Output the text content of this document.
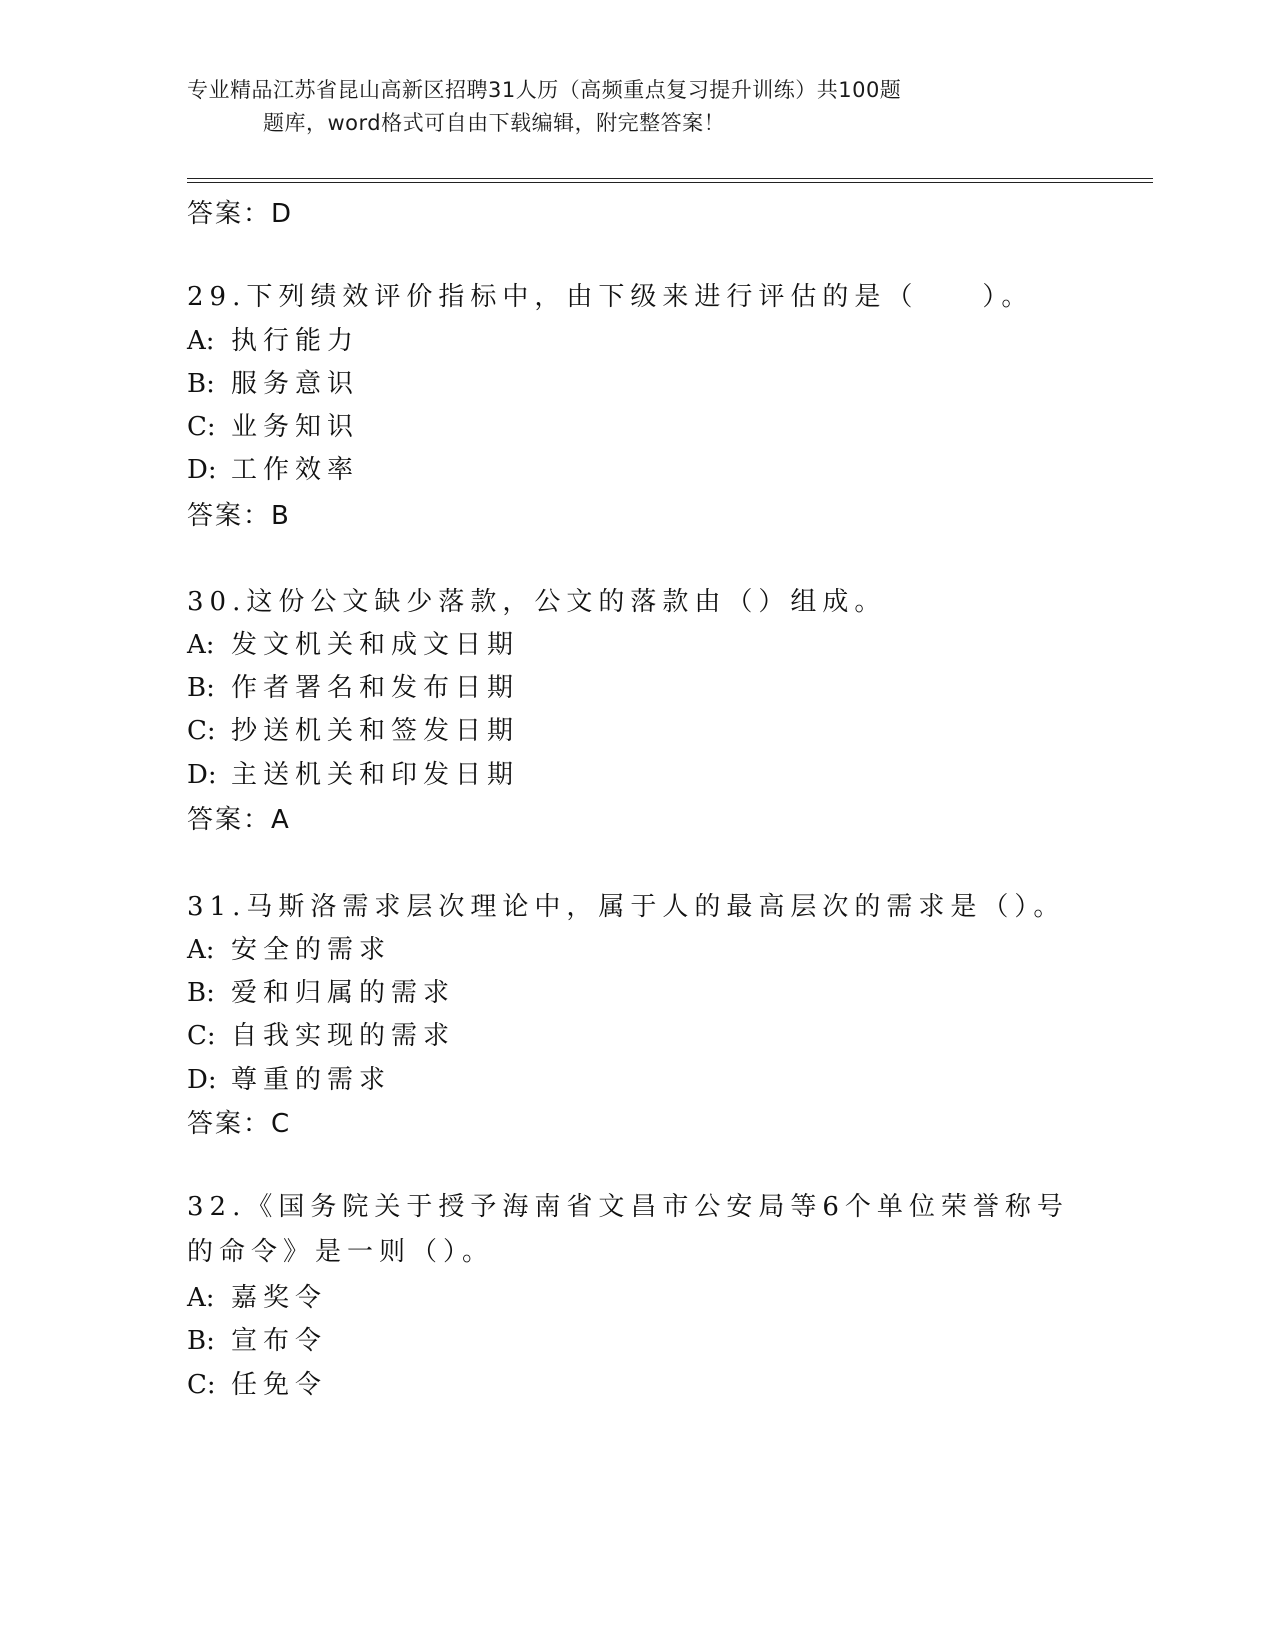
专业精品江苏省昆山高新区招聘31人历（高频重点复习提升训练）共100题
题库，word格式可自由下载编辑，附完整答案！
答案：D
29.下列绩效评价指标中，由下级来进行评估的是（　　）。
A: 执行能力
B: 服务意识
C: 业务知识
D: 工作效率
答案：B
30.这份公文缺少落款，公文的落款由（）组成。
A: 发文机关和成文日期
B: 作者署名和发布日期
C: 抄送机关和签发日期
D: 主送机关和印发日期
答案：A
31.马斯洛需求层次理论中，属于人的最高层次的需求是（）。
A: 安全的需求
B: 爱和归属的需求
C: 自我实现的需求
D: 尊重的需求
答案：C
32.《国务院关于授予海南省文昌市公安局等6个单位荣誉称号的命令》是一则（）。
A: 嘉奖令
B: 宣布令
C: 任免令
